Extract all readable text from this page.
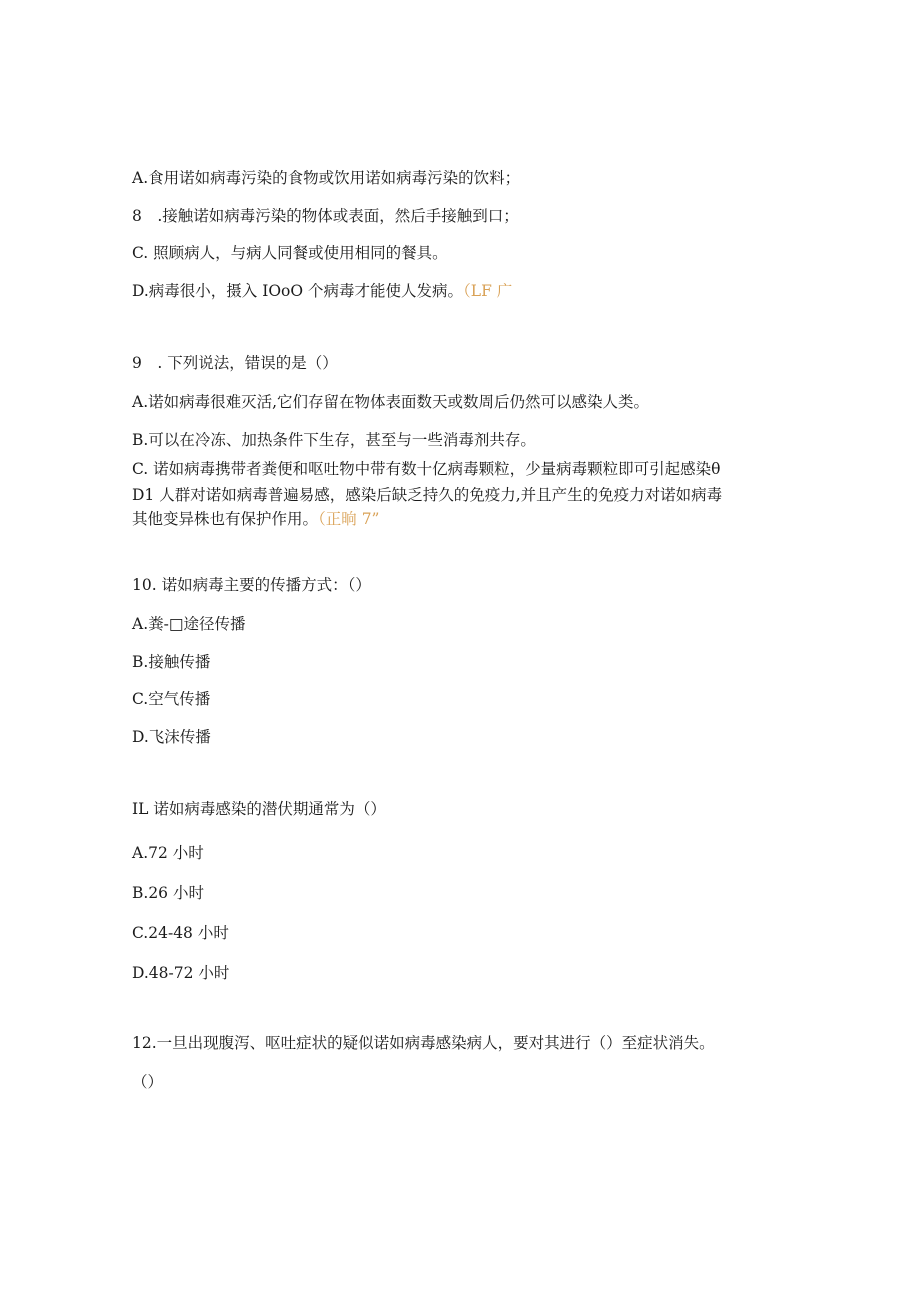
A.食用诺如病毒污染的食物或饮用诺如病毒污染的饮料；
8　.接触诺如病毒污染的物体或表面，然后手接触到口；
C. 照顾病人，与病人同餐或使用相同的餐具。
D.病毒很小，摄入 IOoO 个病毒才能使人发病。（LF 广
9　. 下列说法，错误的是（）
A.诺如病毒很难灭活,它们存留在物体表面数天或数周后仍然可以感染人类。
B.可以在冷冻、加热条件下生存，甚至与一些消毒剂共存。
C. 诺如病毒携带者粪便和呕吐物中带有数十亿病毒颗粒，少量病毒颗粒即可引起感染θ
D1 人群对诺如病毒普遍易感，感染后缺乏持久的免疫力,并且产生的免疫力对诺如病毒
其他变异株也有保护作用。（正晌 7”
10. 诺如病毒主要的传播方式：（）
A.粪-□途径传播
B.接触传播
C.空气传播
D.飞沫传播
IL 诺如病毒感染的潜伏期通常为（）
A.72 小时
B.26 小时
C.24-48 小时
D.48-72 小时
12.一旦出现腹泻、呕吐症状的疑似诺如病毒感染病人，要对其进行（）至症状消失。
（）
